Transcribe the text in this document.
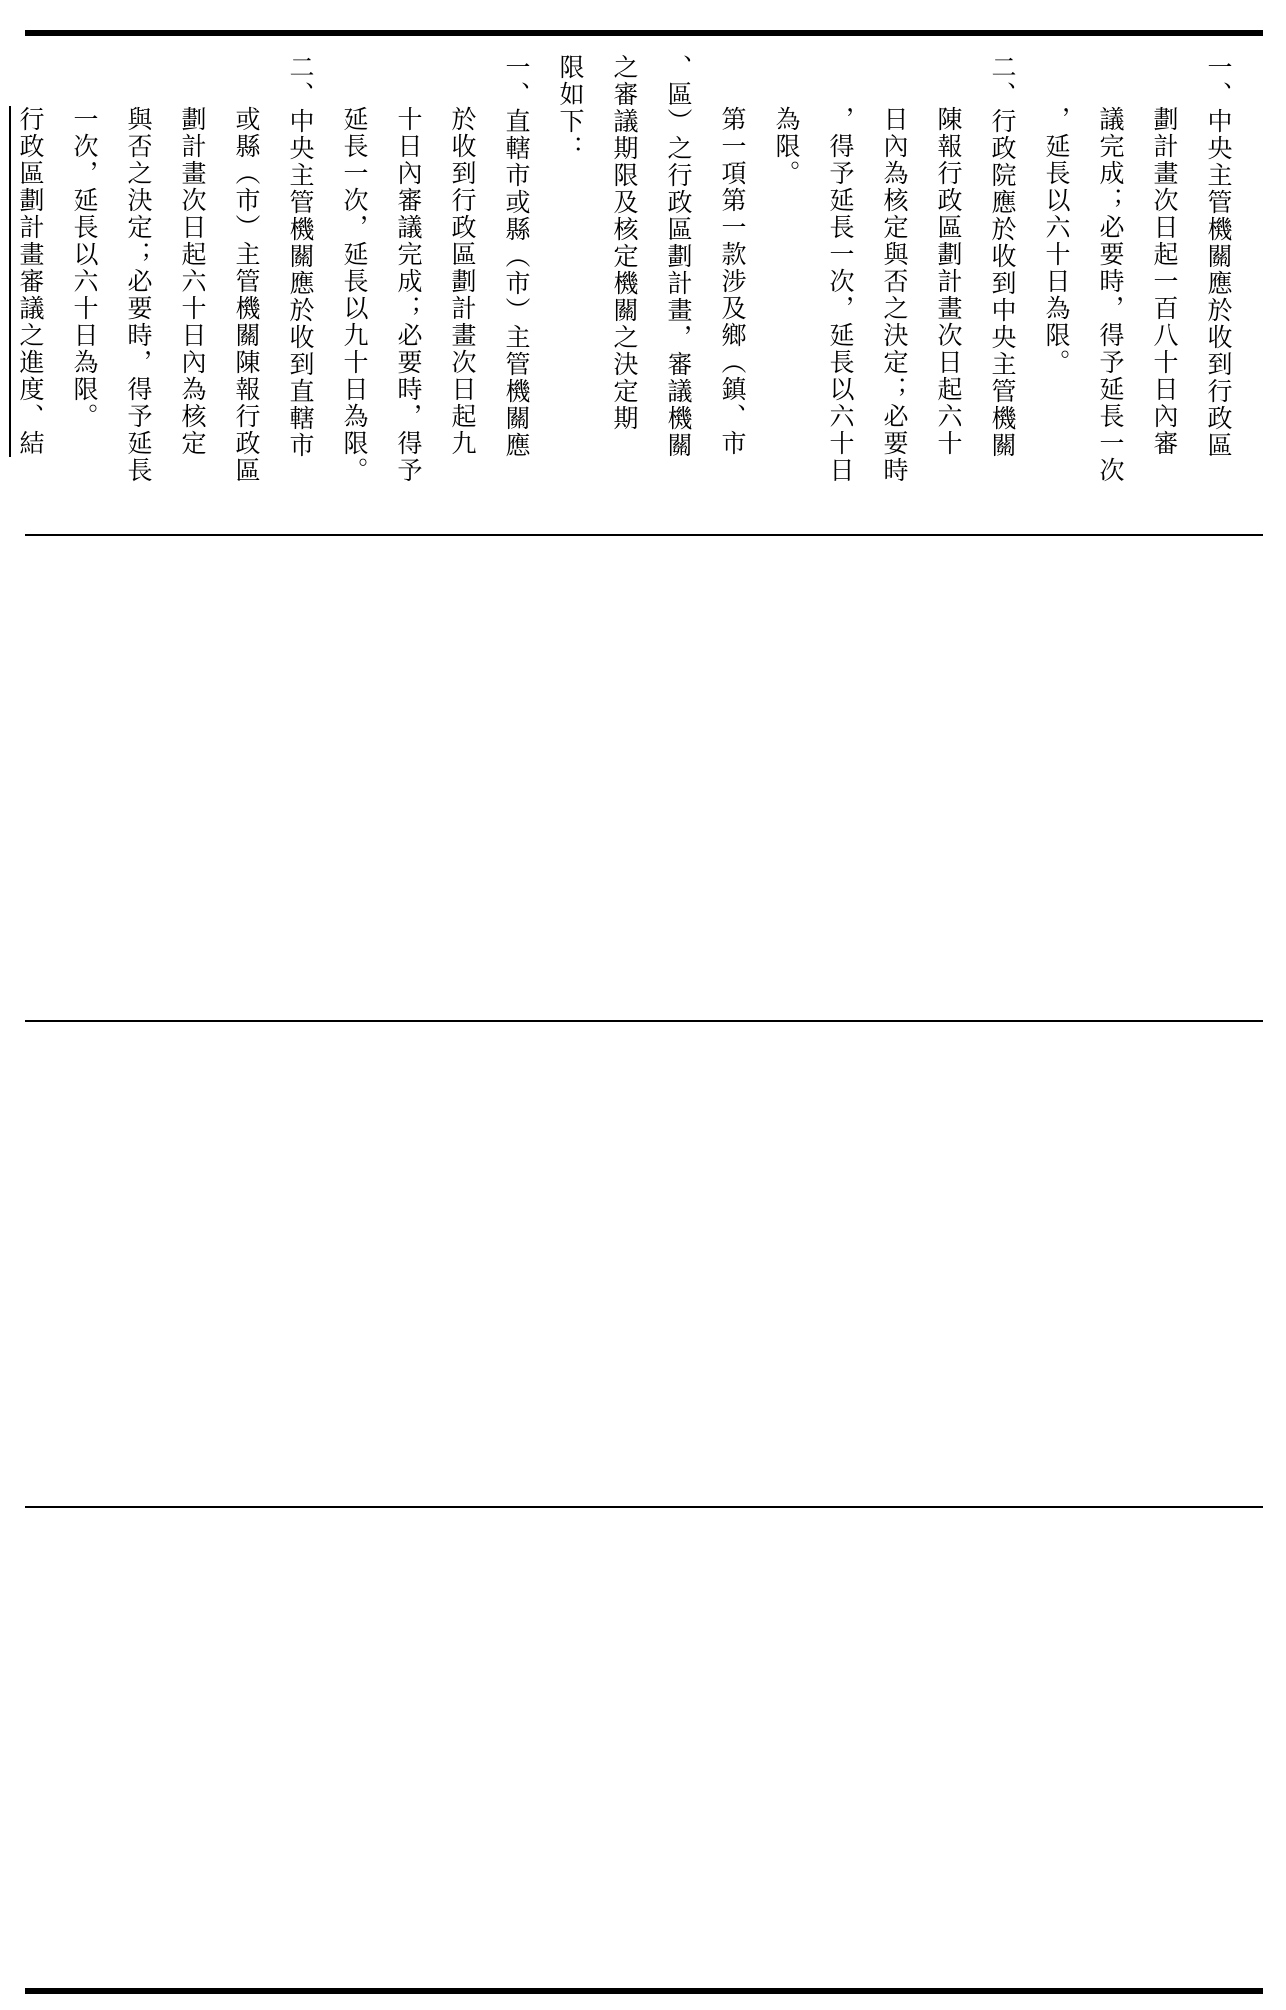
一、中央主管機關應於收到行政區

劃計畫次日起一百八十日內審

議完成；必要時，得予延長一次

，延長以六十日為限。

二、行政院應於收到中央主管機關

陳報行政區劃計畫次日起六十

日內為核定與否之決定；必要時

，得予延長一次，延長以六十日

為限。

第一項第一款涉及鄉（鎮、市

、區）之行政區劃計畫，審議機關

之審議期限及核定機關之決定期

限如下：

一、直轄市或縣（市）主管機關應

於收到行政區劃計畫次日起九

十日內審議完成；必要時，得予

延長一次，延長以九十日為限。

二、中央主管機關應於收到直轄市

或縣（市）主管機關陳報行政區

劃計畫次日起六十日內為核定

與否之決定；必要時，得予延長

一次，延長以六十日為限。

行政區劃計畫審議之進度、結
